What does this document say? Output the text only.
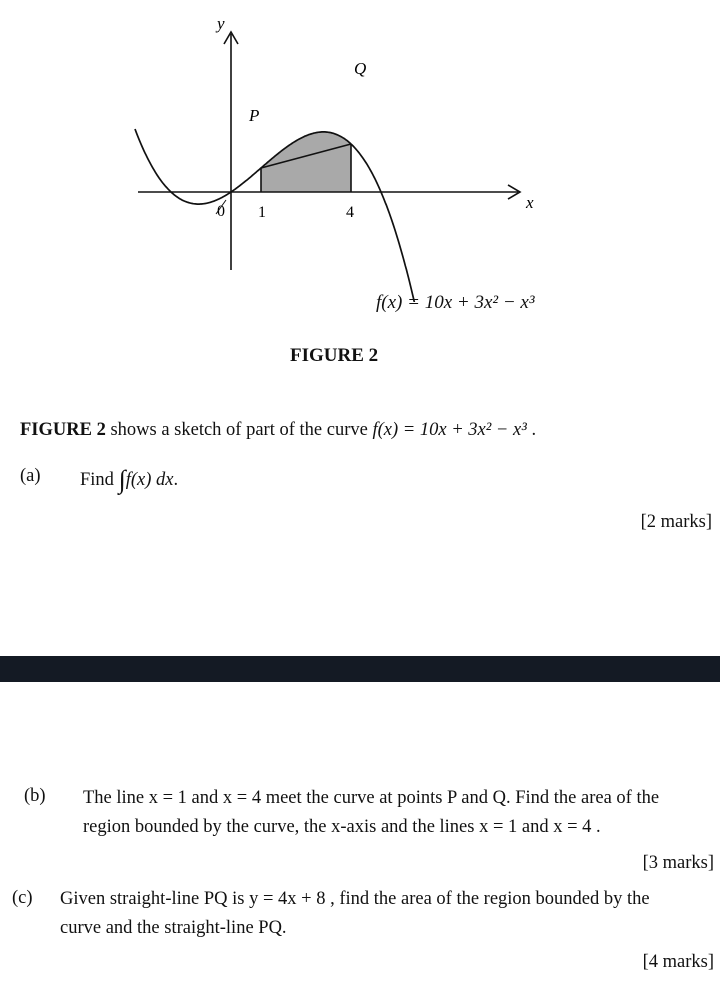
y
x
0 1	4
P
Q
f(x) = 10x + 3x² − x³
FIGURE 2
FIGURE 2 shows a sketch of part of the curve f(x) = 10x + 3x² − x³ .
(a) Find ∫f(x) dx.
[2 marks]
(b) The line x = 1 and x = 4 meet the curve at points P and Q. Find the area of the
region bounded by the curve, the x-axis and the lines x = 1 and x = 4 .
[3 marks]
(c) Given straight-line PQ is y = 4x + 8 , find the area of the region bounded by the
curve and the straight-line PQ.
[4 marks]
